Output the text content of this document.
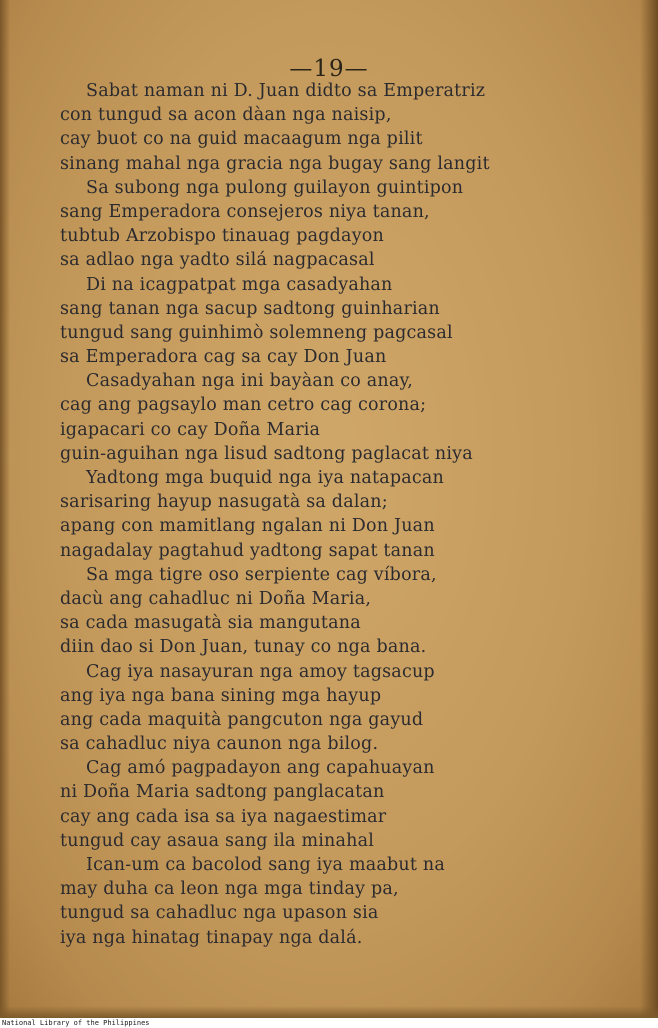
—19—
Sabat naman ni D. Juan didto sa Emperatriz
con tungud sa acon dàan nga naisip,
cay buot co na guid macaagum nga pilit
sinang mahal nga gracia nga bugay sang langit
Sa subong nga pulong guilayon guintipon
sang Emperadora consejeros niya tanan,
tubtub Arzobispo tinauag pagdayon
sa adlao nga yadto silá nagpacasal
Di na icagpatpat mga casadyahan
sang tanan nga sacup sadtong guinharian
tungud sang guinhimò solemneng pagcasal
sa Emperadora cag sa cay Don Juan
Casadyahan nga ini bayàan co anay,
cag ang pagsaylo man cetro cag corona;
igapacari co cay Doña Maria
guin-aguihan nga lisud sadtong paglacat niya
Yadtong mga buquid nga iya natapacan
sarisaring hayup nasugatà sa dalan;
apang con mamitlang ngalan ni Don Juan
nagadalay pagtahud yadtong sapat tanan
Sa mga tigre oso serpiente cag víbora,
dacù ang cahadluc ni Doña Maria,
sa cada masugatà sia mangutana
diin dao si Don Juan, tunay co nga bana.
Cag iya nasayuran nga amoy tagsacup
ang iya nga bana sining mga hayup
ang cada maquità pangcuton nga gayud
sa cahadluc niya caunon nga bilog.
Cag amó pagpadayon ang capahuayan
ni Doña Maria sadtong panglacatan
cay ang cada isa sa iya nagaestimar
tungud cay asaua sang ila minahal
Ican-um ca bacolod sang iya maabut na
may duha ca leon nga mga tinday pa,
tungud sa cahadluc nga upason sia
iya nga hinatag tinapay nga dalá.
National Library of the Philippines
